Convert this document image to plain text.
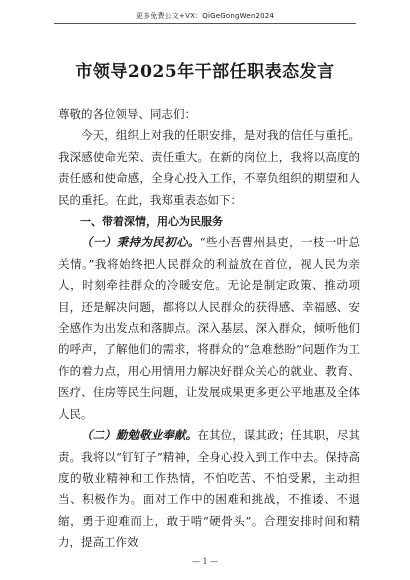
更多免费公文+VX：QiGeGongWen2024
市领导2025年干部任职表态发言

尊敬的各位领导、同志们：

今天，组织上对我的任职安排，是对我的信任与重托。我深感使命光荣、责任重大。在新的岗位上，我将以高度的责任感和使命感，全身心投入工作，不辜负组织的期望和人民的重托。在此，我郑重表态如下：

一、带着深情，用心为民服务

（一）秉持为民初心。“些小吾曹州县吏，一枝一叶总关情。”我将始终把人民群众的利益放在首位，视人民为亲人，时刻牵挂群众的冷暖安危。无论是制定政策、推动项目，还是解决问题，都将以人民群众的获得感、幸福感、安全感作为出发点和落脚点。深入基层、深入群众，倾听他们的呼声，了解他们的需求，将群众的“急难愁盼”问题作为工作的着力点，用心用情用力解决好群众关心的就业、教育、医疗、住房等民生问题，让发展成果更多更公平地惠及全体人民。

（二）勤勉敬业奉献。在其位，谋其政；任其职，尽其责。我将以“钉钉子”精神，全身心投入到工作中去。保持高度的敬业精神和工作热情，不怕吃苦、不怕受累，主动担当、积极作为。面对工作中的困难和挑战，不推诿、不退缩，勇于迎难而上，敢于啃“硬骨头”。合理安排时间和精力，提高工作效

— 1 —
